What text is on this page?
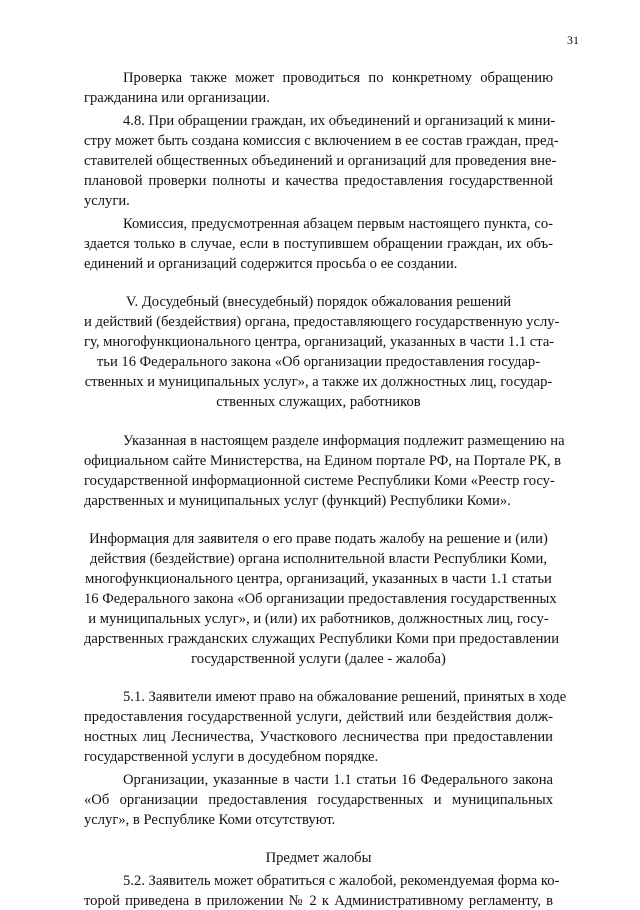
31
Проверка также может проводиться по конкретному обращению
гражданина или организации.
4.8. При обращении граждан, их объединений и организаций к мини-
стру может быть создана комиссия с включением в ее состав граждан, пред-
ставителей общественных объединений и организаций для проведения вне-
плановой проверки полноты и качества предоставления государственной
услуги.
Комиссия, предусмотренная абзацем первым настоящего пункта, со-
здается только в случае, если в поступившем обращении граждан, их объ-
единений и организаций содержится просьба о ее создании.
V. Досудебный (внесудебный) порядок обжалования решений
и действий (бездействия) органа, предоставляющего государственную услу-
гу, многофункционального центра, организаций, указанных в части 1.1 ста-
тьи 16 Федерального закона «Об организации предоставления государ-
ственных и муниципальных услуг», а также их должностных лиц, государ-
ственных служащих, работников
Указанная в настоящем разделе информация подлежит размещению на
официальном сайте Министерства, на Едином портале РФ, на Портале РК, в
государственной информационной системе Республики Коми «Реестр госу-
дарственных и муниципальных услуг (функций) Республики Коми».
Информация для заявителя о его праве подать жалобу на решение и (или)
действия (бездействие) органа исполнительной власти Республики Коми,
многофункционального центра, организаций, указанных в части 1.1 статьи
16 Федерального закона «Об организации предоставления государственных
и муниципальных услуг», и (или) их работников, должностных лиц, госу-
дарственных гражданских служащих Республики Коми при предоставлении
государственной услуги (далее - жалоба)
5.1. Заявители имеют право на обжалование решений, принятых в ходе
предоставления государственной услуги, действий или бездействия долж-
ностных лиц Лесничества, Участкового лесничества при предоставлении
государственной услуги в досудебном порядке.
Организации, указанные в части 1.1 статьи 16 Федерального закона
«Об организации предоставления государственных и муниципальных
услуг», в Республике Коми отсутствуют.
Предмет жалобы
5.2. Заявитель может обратиться с жалобой, рекомендуемая форма ко-
торой приведена в приложении № 2 к Административному регламенту, в
